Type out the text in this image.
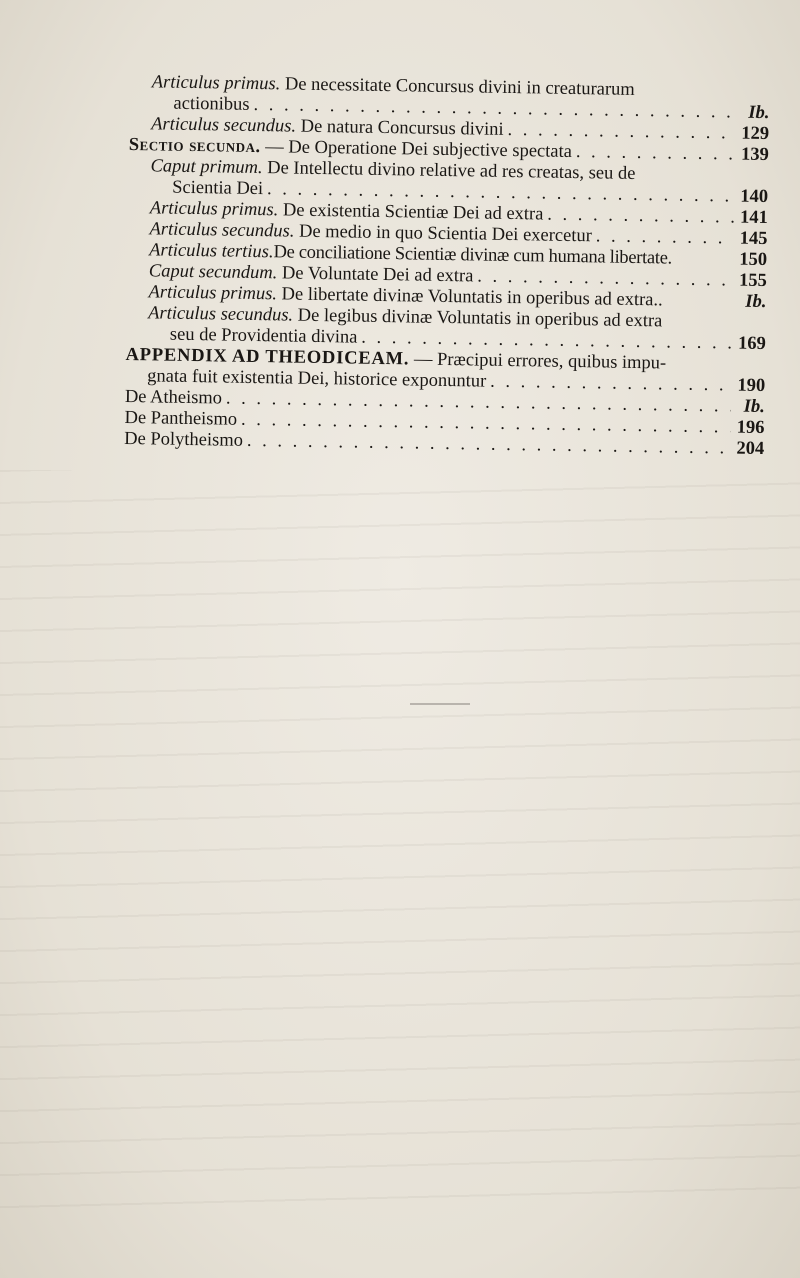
Articulus primus. De necessitate Concursus divini in creaturarum
actionibus . . .	Ib.
Articulus secundus. De natura Concursus divini . . .	129
Sectio secunda. — De Operatione Dei subjective spectata . . .	139
Caput primum. De Intellectu divino relative ad res creatas, seu de
Scientia Dei . . .	140
Articulus primus. De existentia Scientiæ Dei ad extra . . .	141
Articulus secundus. De medio in quo Scientia Dei exercetur . . .	145
Articulus tertius. De conciliatione Scientiæ divinæ cum humana libertate.	150
Caput secundum. De Voluntate Dei ad extra . . .	155
Articulus primus. De libertate divinæ Voluntatis in operibus ad extra..	Ib.
Articulus secundus. De legibus divinæ Voluntatis in operibus ad extra
seu de Providentia divina . . .	169
APPENDIX AD THEODICEAM. — Præcipui errores, quibus impu-
gnata fuit existentia Dei, historice exponuntur . . .	190
De Atheismo . . .	Ib.
De Pantheismo . . .	196
De Polytheismo . . .	204
